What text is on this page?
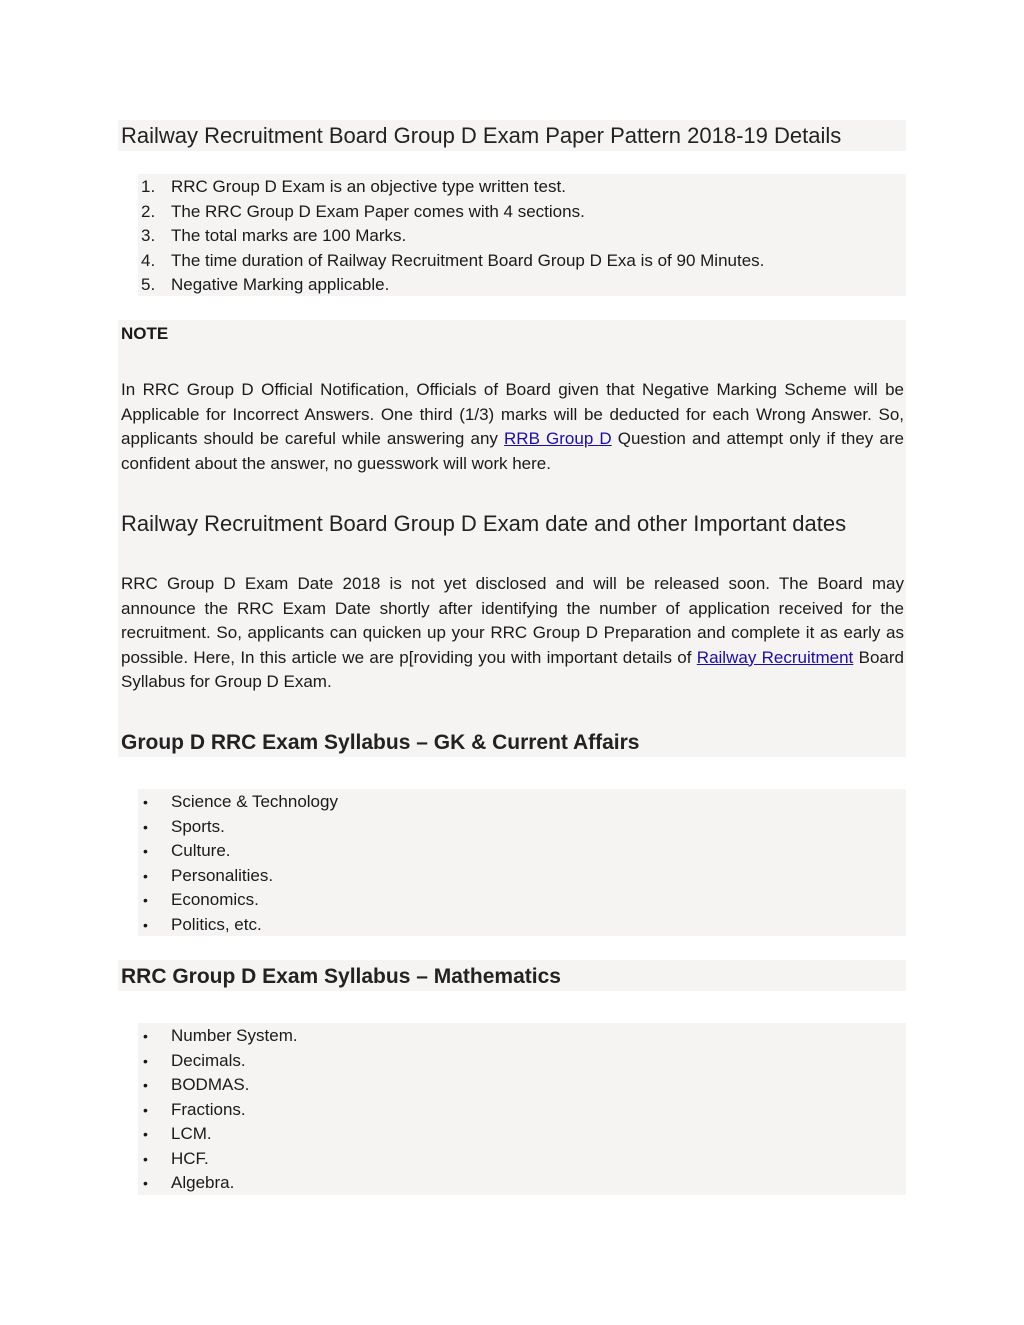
Railway Recruitment Board Group D Exam Paper Pattern 2018-19 Details
1. RRC Group D Exam is an objective type written test.
2. The RRC Group D Exam Paper comes with 4 sections.
3. The total marks are 100 Marks.
4. The time duration of Railway Recruitment Board Group D Exa is of 90 Minutes.
5. Negative Marking applicable.
NOTE

In RRC Group D Official Notification, Officials of Board given that Negative Marking Scheme will be Applicable for Incorrect Answers. One third (1/3) marks will be deducted for each Wrong Answer. So, applicants should be careful while answering any RRB Group D Question and attempt only if they are confident about the answer, no guesswork will work here.

Railway Recruitment Board Group D Exam date and other Important dates

RRC Group D Exam Date 2018 is not yet disclosed and will be released soon. The Board may announce the RRC Exam Date shortly after identifying the number of application received for the recruitment. So, applicants can quicken up your RRC Group D Preparation and complete it as early as possible. Here, In this article we are p[roviding you with important details of Railway Recruitment Board Syllabus for Group D Exam.

Group D RRC Exam Syllabus – GK & Current Affairs
• Science & Technology
• Sports.
• Culture.
• Personalities.
• Economics.
• Politics, etc.
RRC Group D Exam Syllabus – Mathematics
• Number System.
• Decimals.
• BODMAS.
• Fractions.
• LCM.
• HCF.
• Algebra.
